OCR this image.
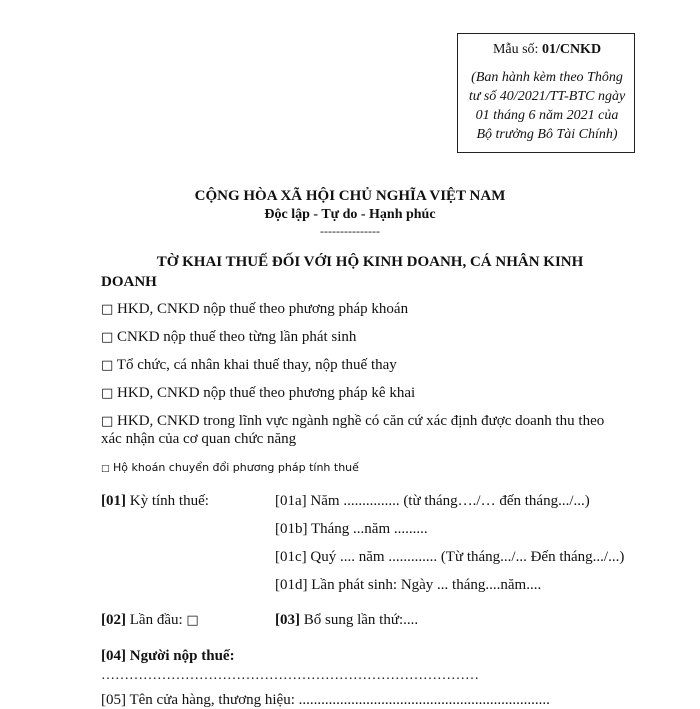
Mẫu số: 01/CNKD
(Ban hành kèm theo Thông
tư số 40/2021/TT-BTC ngày
01 tháng 6 năm 2021 của
Bộ trưởng Bô Tài Chính)
CỘNG HÒA XÃ HỘI CHỦ NGHĨA VIỆT NAM
Độc lập - Tự do - Hạnh phúc
---------------
TỜ KHAI THUẾ ĐỐI VỚI HỘ KINH DOANH, CÁ NHÂN KINH
DOANH
□ HKD, CNKD nộp thuế theo phương pháp khoán
□ CNKD nộp thuế theo từng lần phát sinh
□ Tổ chức, cá nhân khai thuế thay, nộp thuế thay
□ HKD, CNKD nộp thuế theo phương pháp kê khai
□ HKD, CNKD trong lĩnh vực ngành nghề có căn cứ xác định được doanh thu theo
xác nhận của cơ quan chức năng
□ Hộ khoán chuyển đổi phương pháp tính thuế
[01] Kỳ tính thuế:	[01a] Năm ............... (từ tháng…./… đến tháng.../...)
[01b] Tháng ...năm .........
[01c] Quý .... năm ............. (Từ tháng.../... Đến tháng.../...)
[01d] Lần phát sinh: Ngày ... tháng....năm....
[02] Lần đầu: □	[03] Bổ sung lần thứ:....
[04] Người nộp thuế:
………………………………………………………………………
[05] Tên cửa hàng, thương hiệu: ...................................................................
